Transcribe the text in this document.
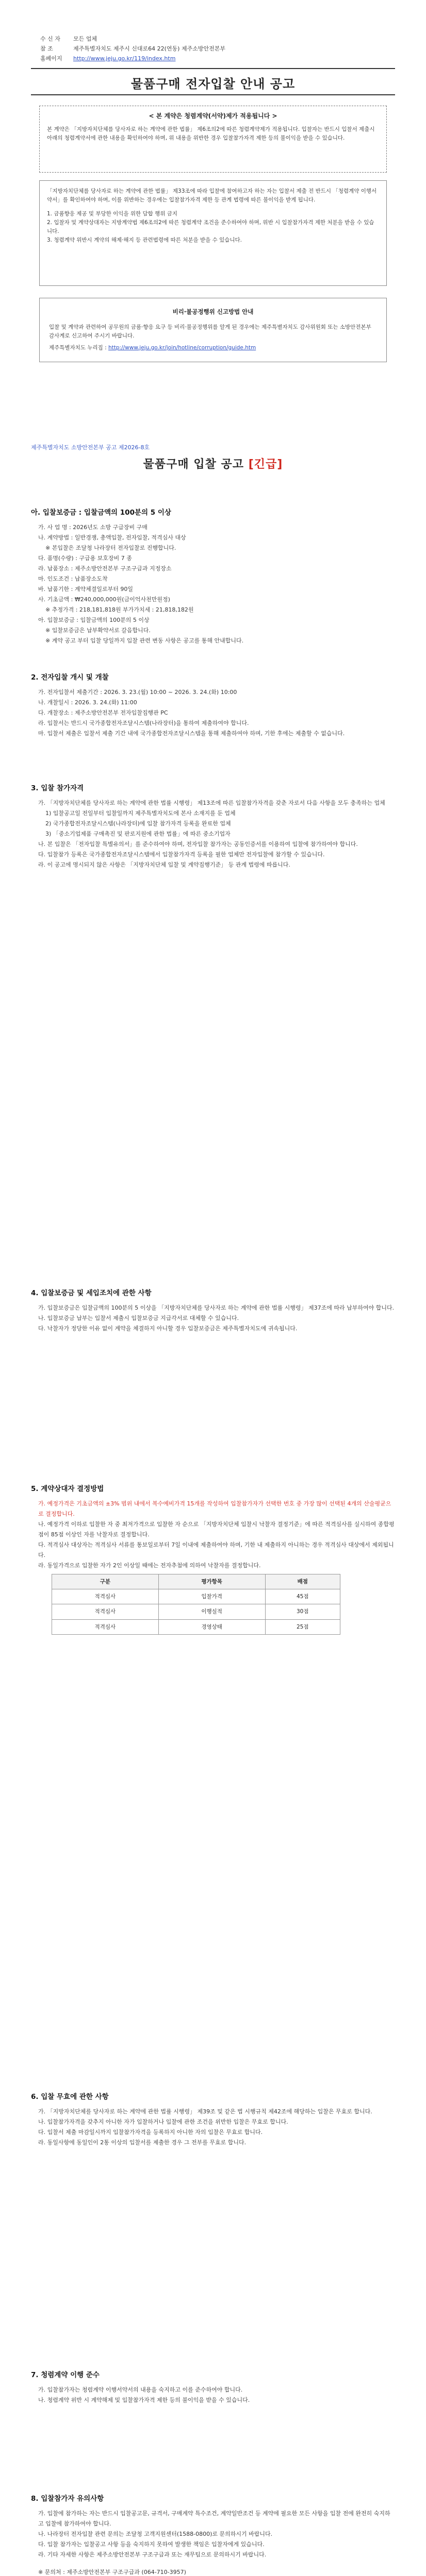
수 신 자	모든 업체
참 조	제주특별자치도 제주시 신대로64 22(연동) 제주소방안전본부
홈페이지	http://www.jeju.go.kr/119/index.htm
물품구매 전자입찰 안내 공고
< 본 계약은 청렴계약(서약)제가 적용됩니다 >
본 계약은 「지방자치단체를 당사자로 하는 계약에 관한 법률」 제6조의2에 따른 청렴계약제가 적용됩니다. 입찰자는 반드시 입찰서 제출시 아래의 청렴계약서에 관한 내용을 확인하여야 하며, 위 내용을 위반한 경우 입찰참가자격 제한 등의 불이익을 받을 수 있습니다.
「지방자치단체를 당사자로 하는 계약에 관한 법률」 제33조에 따라 입찰에 참여하고자 하는 자는 입찰서 제출 전 반드시 「청렴계약 이행서약서」를 확인하여야 하며, 이를 위반하는 경우에는 입찰참가자격 제한 등 관계 법령에 따른 불이익을 받게 됩니다.
1. 금품향응 제공 및 부당한 이익을 위한 담합 행위 금지
2. 입찰자 및 계약상대자는 지방계약법 제6조의2에 따른 청렴계약 조건을 준수하여야 하며, 위반 시 입찰참가자격 제한 처분을 받을 수 있습니다.
3. 청렴계약 위반시 계약의 해제·해지 등 관련법령에 따른 처분을 받을 수 있습니다.
비리·불공정행위 신고방법 안내
입찰 및 계약과 관련하여 공무원의 금품·향응 요구 등 비리·불공정행위를 알게 된 경우에는 제주특별자치도 감사위원회 또는 소방안전본부 감사계로 신고하여 주시기 바랍니다.
제주특별자치도 누리집 : http://www.jeju.go.kr/join/hotline/corruption/guide.htm
제주특별자치도 소방안전본부 공고 제2026-8호
물품구매 입찰 공고 [긴급]
아. 입찰보증금 : 입찰금액의 100분의 5 이상

가. 사 업 명 : 2026년도 소방 구급장비 구매

나. 계약방법 : 일반경쟁, 총액입찰, 전자입찰, 적격심사 대상

※ 본입찰은 조달청 나라장터 전자입찰로 진행합니다.

다. 품명(수량) : 구급용 보호장비 7 종

라. 납품장소 : 제주소방안전본부 구조구급과 지정장소

마. 인도조건 : 납품장소도착

바. 납품기한 : 계약체결일로부터 90일

사. 기초금액 : ₩240,000,000원(금이억사천만원정)

※ 추정가격 : 218,181,818원 부가가치세 : 21,818,182원

아. 입찰보증금 : 입찰금액의 100분의 5 이상

※ 입찰보증금은 납부확약서로 갈음합니다.

※ 계약 공고 부터 입찰 당일까지 입찰 관련 변동 사항은 공고를 통해 안내합니다.

2. 전자입찰 개시 및 개찰

가. 전자입찰서 제출기간 : 2026. 3. 23.(월) 10:00 ~ 2026. 3. 24.(화) 10:00

나. 개찰일시 : 2026. 3. 24.(화) 11:00

다. 개찰장소 : 제주소방안전본부 전자입찰집행관 PC

라. 입찰서는 반드시 국가종합전자조달시스템(나라장터)을 통하여 제출하여야 합니다.

마. 입찰서 제출은 입찰서 제출 기간 내에 국가종합전자조달시스템을 통해 제출하여야 하며, 기한 후에는 제출할 수 없습니다.

3. 입찰 참가자격

가. 「지방자치단체를 당사자로 하는 계약에 관한 법률 시행령」 제13조에 따른 입찰참가자격을 갖춘 자로서 다음 사항을 모두 충족하는 업체

1) 입찰공고일 전일부터 입찰일까지 제주특별자치도에 본사 소재지를 둔 업체

2) 국가종합전자조달시스템(나라장터)에 입찰 참가자격 등록을 완료한 업체

3) 「중소기업제품 구매촉진 및 판로지원에 관한 법률」에 따른 중소기업자

나. 본 입찰은 「전자입찰 특별유의서」를 준수하여야 하며, 전자입찰 참가자는 공동인증서를 이용하여 입찰에 참가하여야 합니다.

다. 입찰참가 등록은 국가종합전자조달시스템에서 입찰참가자격 등록을 필한 업체만 전자입찰에 참가할 수 있습니다.

라. 이 공고에 명시되지 않은 사항은 「지방자치단체 입찰 및 계약집행기준」 등 관계 법령에 따릅니다.

4. 입찰보증금 및 세입조치에 관한 사항

가. 입찰보증금은 입찰금액의 100분의 5 이상을 「지방자치단체를 당사자로 하는 계약에 관한 법률 시행령」 제37조에 따라 납부하여야 합니다.

나. 입찰보증금 납부는 입찰서 제출시 입찰보증금 지급각서로 대체할 수 있습니다.

다. 낙찰자가 정당한 이유 없이 계약을 체결하지 아니할 경우 입찰보증금은 제주특별자치도에 귀속됩니다.

5. 계약상대자 결정방법

가. 예정가격은 기초금액의 ±3% 범위 내에서 복수예비가격 15개를 작성하여 입찰참가자가 선택한 번호 중 가장 많이 선택된 4개의 산술평균으로 결정합니다.

나. 예정가격 이하로 입찰한 자 중 최저가격으로 입찰한 자 순으로 「지방자치단체 입찰시 낙찰자 결정기준」에 따른 적격심사를 실시하여 종합평점이 85점 이상인 자를 낙찰자로 결정합니다.

다. 적격심사 대상자는 적격심사 서류를 통보일로부터 7일 이내에 제출하여야 하며, 기한 내 제출하지 아니하는 경우 적격심사 대상에서 제외됩니다.

라. 동일가격으로 입찰한 자가 2인 이상일 때에는 전자추첨에 의하여 낙찰자를 결정합니다.

구분	평가항목	배점
적격심사	입찰가격	45점
적격심사	이행실적	30점
적격심사	경영상태	25점
6. 입찰 무효에 관한 사항

가. 「지방자치단체를 당사자로 하는 계약에 관한 법률 시행령」 제39조 및 같은 법 시행규칙 제42조에 해당하는 입찰은 무효로 합니다.

나. 입찰참가자격을 갖추지 아니한 자가 입찰하거나 입찰에 관한 조건을 위반한 입찰은 무효로 합니다.

다. 입찰서 제출 마감일시까지 입찰참가자격을 등록하지 아니한 자의 입찰은 무효로 합니다.

라. 동일사항에 동일인이 2통 이상의 입찰서를 제출한 경우 그 전부를 무효로 합니다.

7. 청렴계약 이행 준수

가. 입찰참가자는 청렴계약 이행서약서의 내용을 숙지하고 이를 준수하여야 합니다.

나. 청렴계약 위반 시 계약해제 및 입찰참가자격 제한 등의 불이익을 받을 수 있습니다.

8. 입찰참가자 유의사항

가. 입찰에 참가하는 자는 반드시 입찰공고문, 규격서, 구매계약 특수조건, 계약일반조건 등 계약에 필요한 모든 사항을 입찰 전에 완전히 숙지하고 입찰에 참가하여야 합니다.

나. 나라장터 전자입찰 관련 문의는 조달청 고객지원센터(1588-0800)로 문의하시기 바랍니다.

다. 입찰 참가자는 입찰공고 사항 등을 숙지하지 못하여 발생한 책임은 입찰자에게 있습니다.

라. 기타 자세한 사항은 제주소방안전본부 구조구급과 또는 재무팀으로 문의하시기 바랍니다.

※ 문의처 : 제주소방안전본부 구조구급과 (064-710-3957)
